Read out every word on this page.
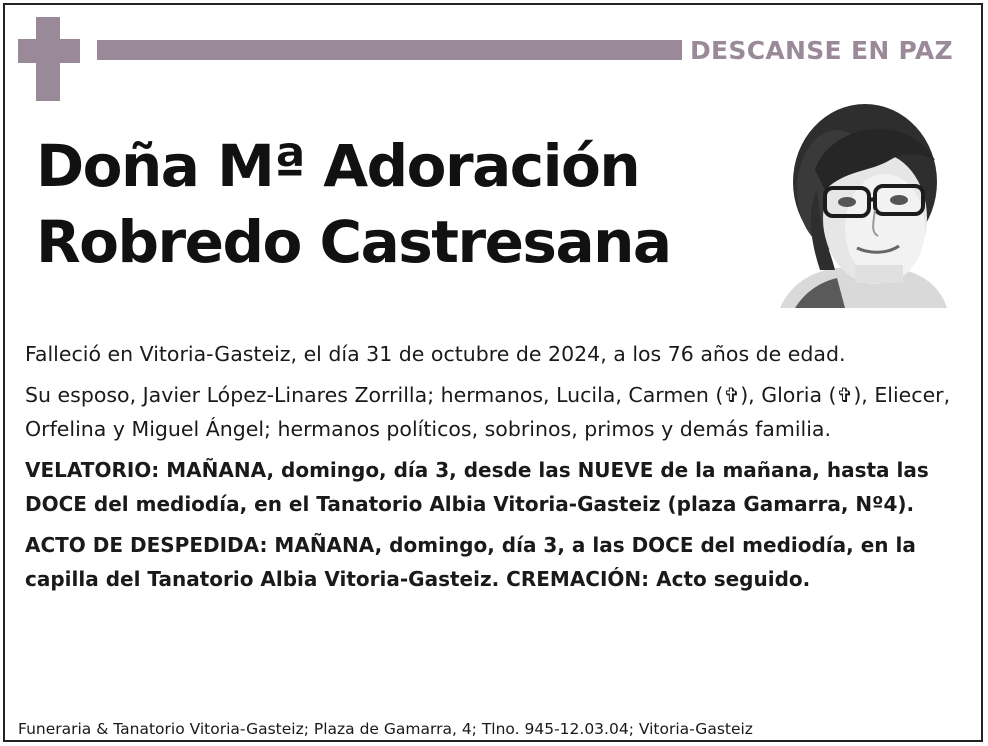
DESCANSE EN PAZ
Doña Mª Adoración
Robredo Castresana

Falleció en Vitoria-Gasteiz, el día 31 de octubre de 2024, a los 76 años de edad.

Su esposo, Javier López-Linares Zorrilla; hermanos, Lucila, Carmen (✞), Gloria (✞), Eliecer, Orfelina y Miguel Ángel; hermanos políticos, sobrinos, primos y demás familia.

VELATORIO: MAÑANA, domingo, día 3, desde las NUEVE de la mañana, hasta las DOCE del mediodía, en el Tanatorio Albia Vitoria-Gasteiz (plaza Gamarra, Nº4).

ACTO DE DESPEDIDA: MAÑANA, domingo, día 3, a las DOCE del mediodía, en la capilla del Tanatorio Albia Vitoria-Gasteiz. CREMACIÓN: Acto seguido.

Funeraria & Tanatorio Vitoria-Gasteiz; Plaza de Gamarra, 4; Tlno. 945-12.03.04; Vitoria-Gasteiz
